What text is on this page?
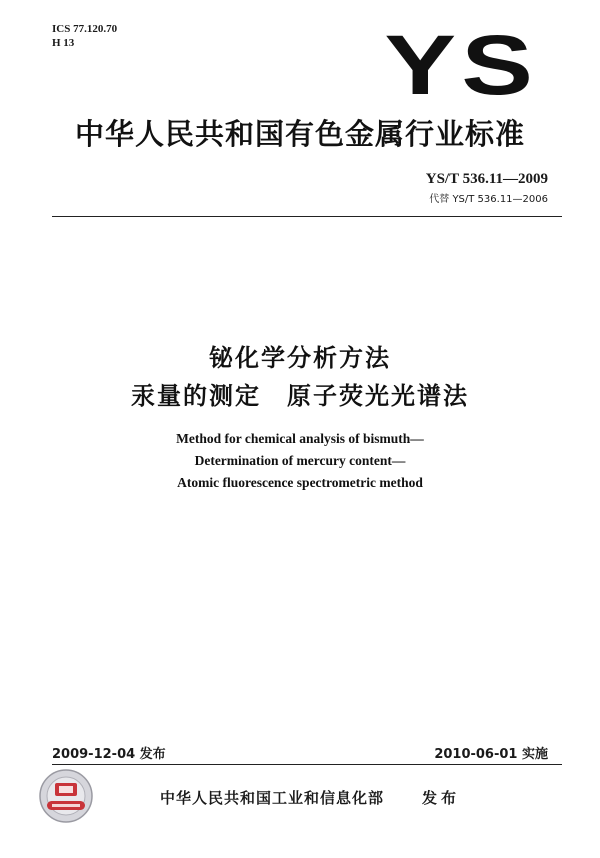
ICS 77.120.70
H 13	YS
中华人民共和国有色金属行业标准
YS/T 536.11—2009
代替 YS/T 536.11—2006
铋化学分析方法
汞量的测定　原子荧光光谱法
Method for chemical analysis of bismuth—
Determination of mercury content—
Atomic fluorescence spectrometric method
2009-12-04 发布	2010-06-01 实施
中华人民共和国工业和信息化部	发布
